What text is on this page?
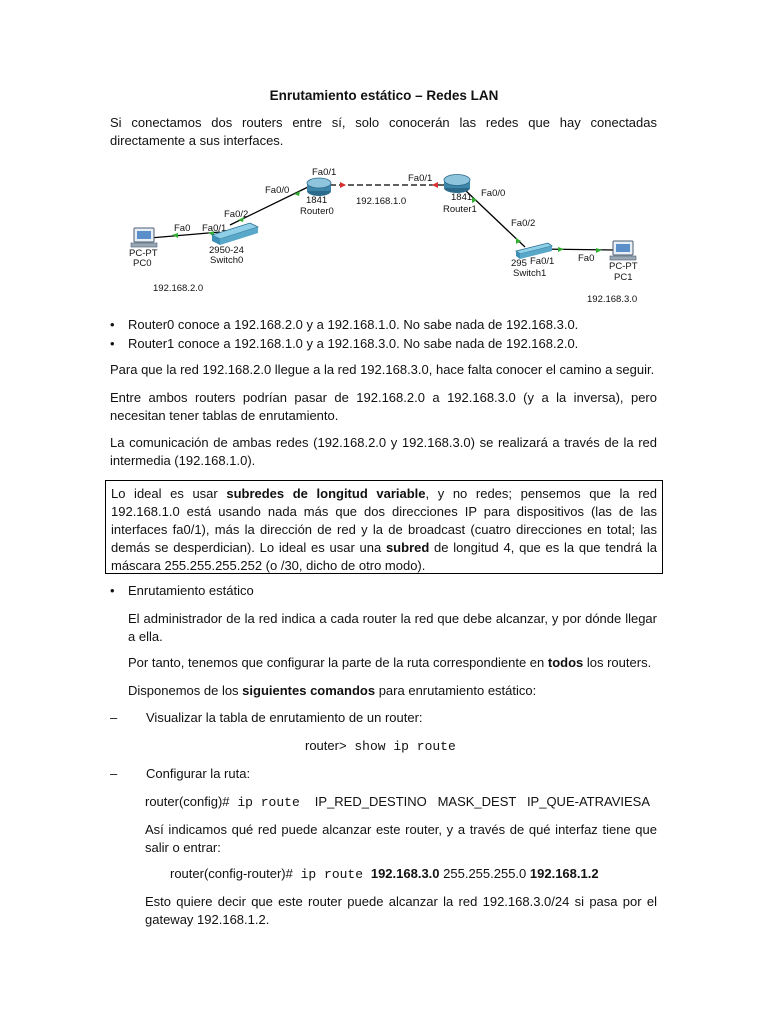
Enrutamiento estático – Redes LAN

Si conectamos dos routers entre sí, solo conocerán las redes que hay conectadas directamente a sus interfaces.

PC-PT
PC0
2950-24
Switch0
1841
Router0
1841
Router1
295
Switch1
PC-PT
PC1
Fa0 Fa0/1
Fa0/2
Fa0/0
Fa0/1
Fa0/1
Fa0/0
Fa0/2
Fa0/1 Fa0
192.168.2.0
192.168.1.0
192.168.3.0
• Router0 conoce a 192.168.2.0 y a 192.168.1.0. No sabe nada de 192.168.3.0.
• Router1 conoce a 192.168.1.0 y a 192.168.3.0. No sabe nada de 192.168.2.0.

Para que la red 192.168.2.0 llegue a la red 192.168.3.0, hace falta conocer el camino a seguir.

Entre ambos routers podrían pasar de 192.168.2.0 a 192.168.3.0 (y a la inversa), pero necesitan tener tablas de enrutamiento.

La comunicación de ambas redes (192.168.2.0 y 192.168.3.0) se realizará a través de la red intermedia (192.168.1.0).

Lo ideal es usar subredes de longitud variable, y no redes; pensemos que la red 192.168.1.0 está usando nada más que dos direcciones IP para dispositivos (las de las interfaces fa0/1), más la dirección de red y la de broadcast (cuatro direcciones en total; las demás se desperdician). Lo ideal es usar una subred de longitud 4, que es la que tendrá la máscara 255.255.255.252 (o /30, dicho de otro modo).

• Enrutamiento estático

El administrador de la red indica a cada router la red que debe alcanzar, y por dónde llegar a ella.

Por tanto, tenemos que configurar la parte de la ruta correspondiente en todos los routers.

Disponemos de los siguientes comandos para enrutamiento estático:

– Visualizar la tabla de enrutamiento de un router:
router> show ip route
– Configurar la ruta:
router(config)# ip route   IP_RED_DESTINO   MASK_DEST   IP_QUE-ATRAVIESA

Así indicamos qué red puede alcanzar este router, y a través de qué interfaz tiene que salir o entrar:

router(config-router)# ip route 192.168.3.0 255.255.255.0 192.168.1.2

Esto quiere decir que este router puede alcanzar la red 192.168.3.0/24 si pasa por el gateway 192.168.1.2.
